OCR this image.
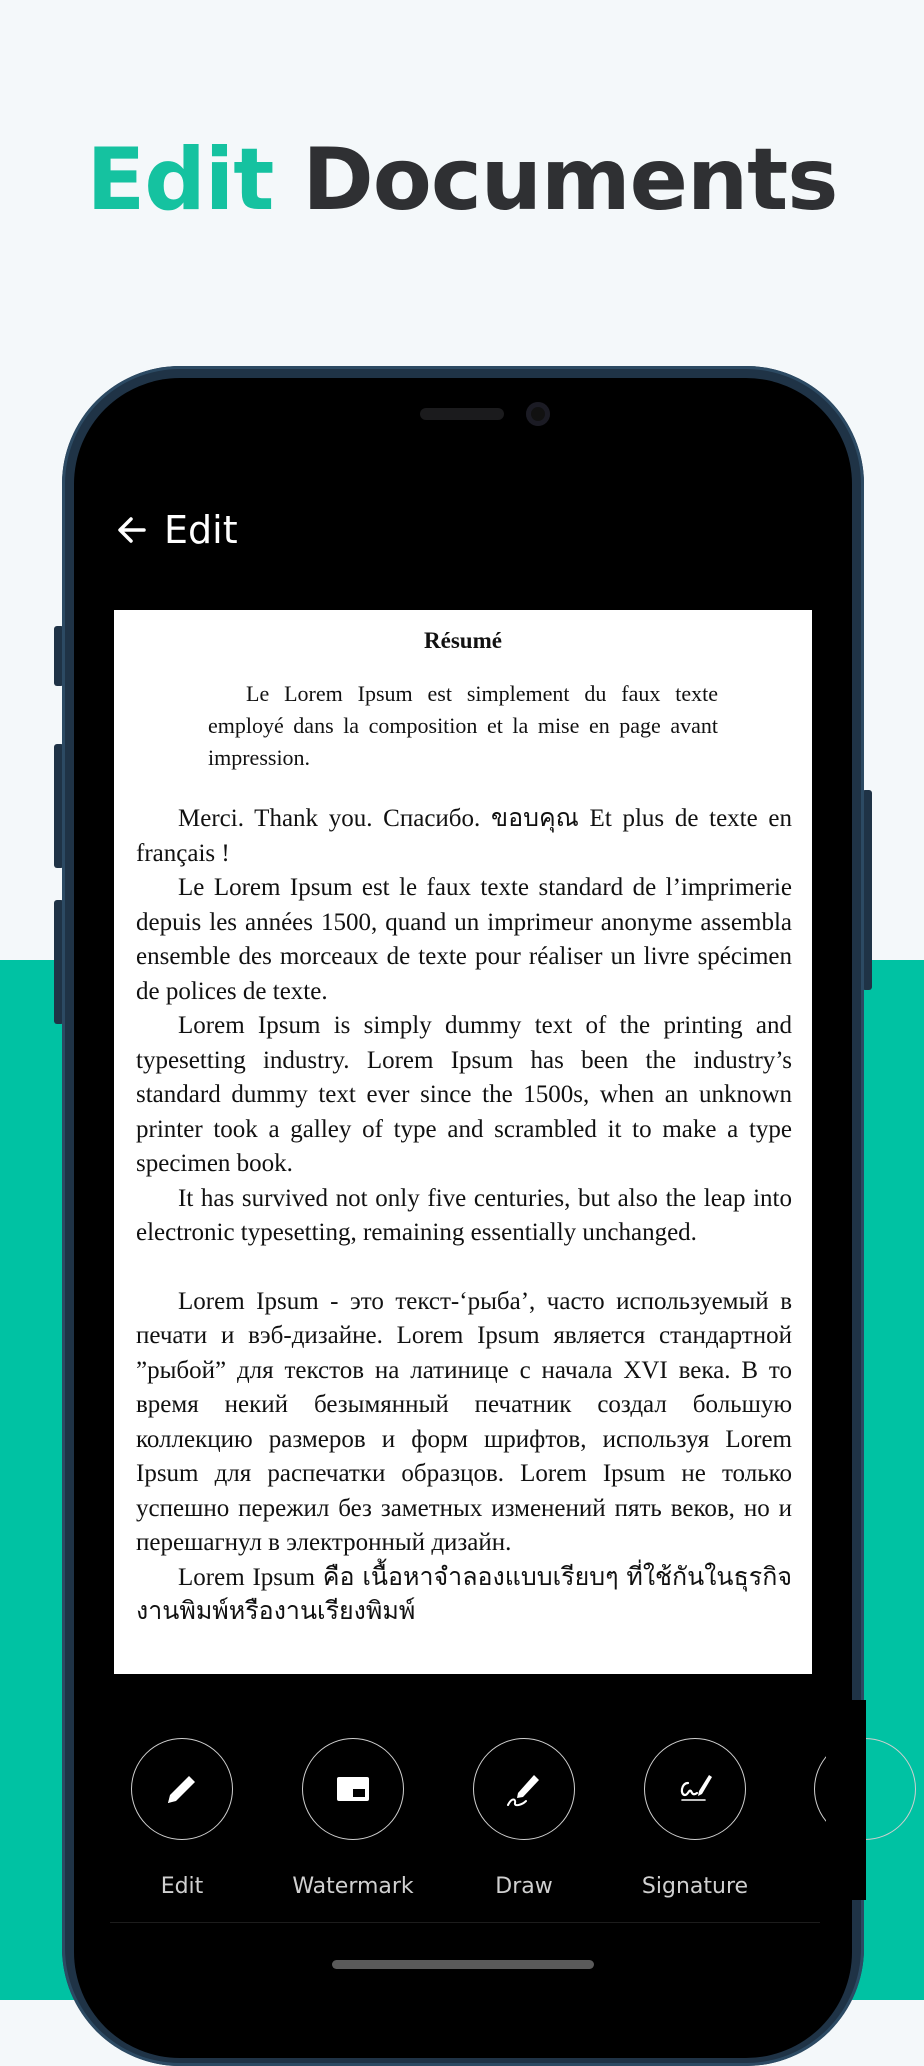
Edit Documents
Edit
Résumé
Le Lorem Ipsum est simplement du faux texte employé dans la composition et la mise en page avant impression.

Merci. Thank you. Спасибо. ขอบคุณ Et plus de texte en français !

Le Lorem Ipsum est le faux texte standard de l’imprimerie depuis les années 1500, quand un imprimeur anonyme assembla ensemble des morceaux de texte pour réaliser un livre spécimen de polices de texte.

Lorem Ipsum is simply dummy text of the printing and typesetting industry. Lorem Ipsum has been the industry’s standard dummy text ever since the 1500s, when an unknown printer took a galley of type and scrambled it to make a type specimen book.

It has survived not only five centuries, but also the leap into electronic typesetting, remaining essentially unchanged.

Lorem Ipsum - это текст-‘рыба’, часто используемый в печати и вэб-дизайне. Lorem Ipsum является стандартной ”рыбой” для текстов на латинице с начала XVI века. В то время некий безымянный печатник создал большую коллекцию размеров и форм шрифтов, используя Lorem Ipsum для распечатки образцов. Lorem Ipsum не только успешно пережил без заметных изменений пять веков, но и перешагнул в электронный дизайн.

Lorem Ipsum คือ เนื้อหาจำลองแบบเรียบๆ ที่ใช้กันในธุรกิจงานพิมพ์หรืองานเรียงพิมพ์

Edit	Watermark	Draw	Signature
